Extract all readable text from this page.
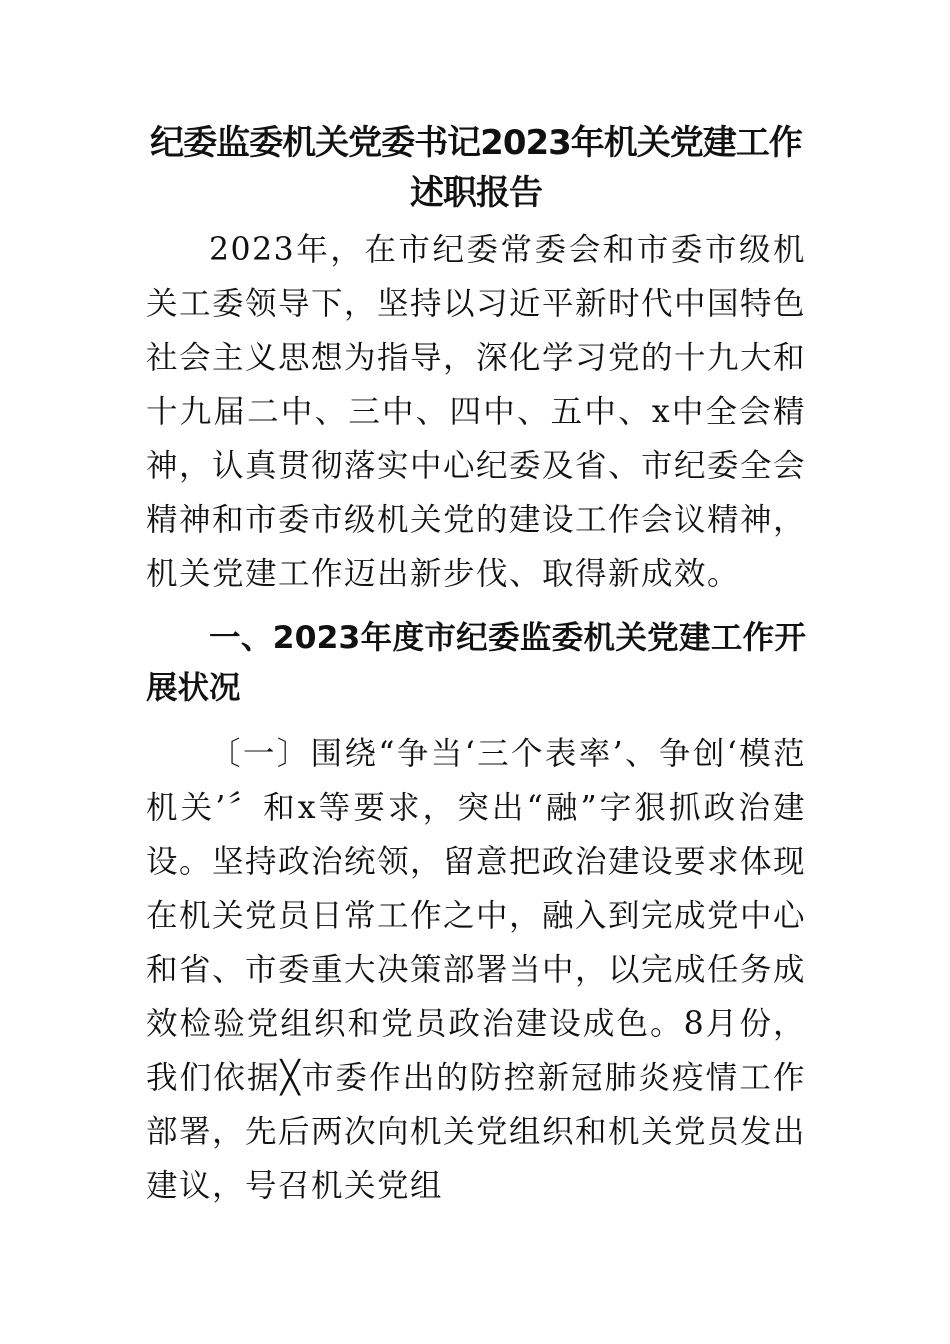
纪委监委机关党委书记2023年机关党建工作述职报告

2023年，在市纪委常委会和市委市级机关工委领导下，坚持以习近平新时代中国特色社会主义思想为指导，深化学习党的十九大和十九届二中、三中、四中、五中、x中全会精神，认真贯彻落实中心纪委及省、市纪委全会精神和市委市级机关党的建设工作会议精神，机关党建工作迈出新步伐、取得新成效。

一、2023年度市纪委监委机关党建工作开展状况

〔一〕围绕“争当‘三个表率’、争创‘模范机关’〞和x等要求，突出“融”字狠抓政治建设。坚持政治统领，留意把政治建设要求体现在机关党员日常工作之中，融入到完成党中心和省、市委重大决策部署当中，以完成任务成效检验党组织和党员政治建设成色。8月份，我们依据╳市委作出的防控新冠肺炎疫情工作部署，先后两次向机关党组织和机关党员发出建议，号召机关党组
